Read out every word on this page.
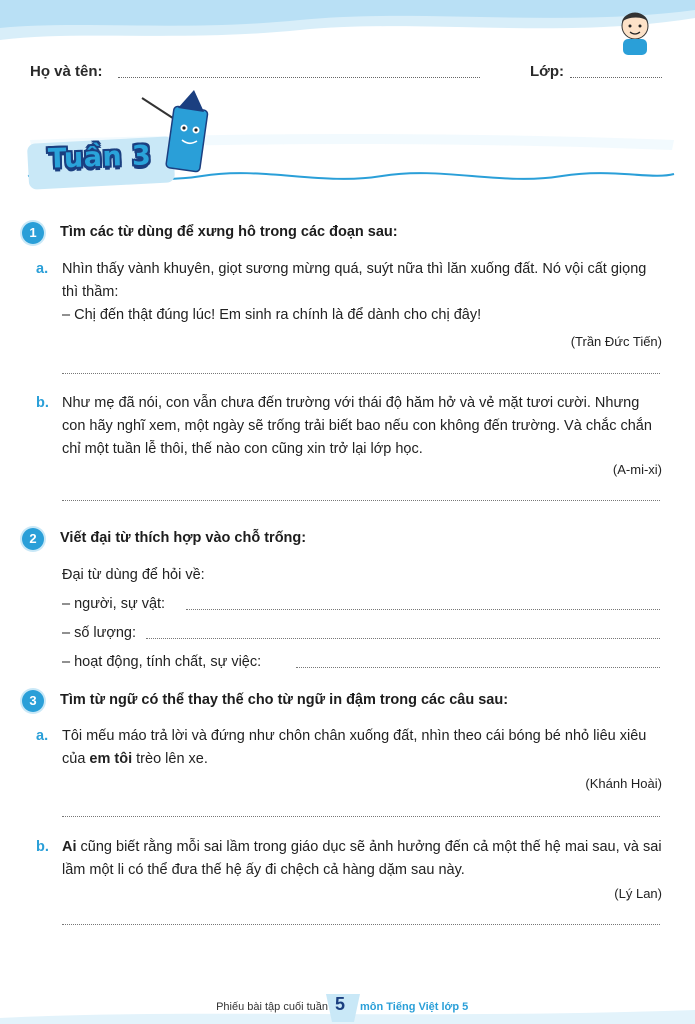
Họ và tên:	Lớp:
Tuần 3
1	Tìm các từ dùng để xưng hô trong các đoạn sau:
a. Nhìn thấy vành khuyên, giọt sương mừng quá, suýt nữa thì lăn xuống đất. Nó vội cất giọng thì thầm:
– Chị đến thật đúng lúc! Em sinh ra chính là để dành cho chị đây!
(Trần Đức Tiến)
b. Như mẹ đã nói, con vẫn chưa đến trường với thái độ hăm hở và vẻ mặt tươi cười. Nhưng con hãy nghĩ xem, một ngày sẽ trống trải biết bao nếu con không đến trường. Và chắc chắn chỉ một tuần lễ thôi, thế nào con cũng xin trở lại lớp học.
(A-mi-xi)
2	Viết đại từ thích hợp vào chỗ trống:
Đại từ dùng để hỏi về:
– người, sự vật:
– số lượng:
– hoạt động, tính chất, sự việc:
3	Tìm từ ngữ có thể thay thế cho từ ngữ in đậm trong các câu sau:
a. Tôi mếu máo trả lời và đứng như chôn chân xuống đất, nhìn theo cái bóng bé nhỏ liêu xiêu của em tôi trèo lên xe.
(Khánh Hoài)
b. Ai cũng biết rằng mỗi sai lầm trong giáo dục sẽ ảnh hưởng đến cả một thế hệ mai sau, và sai lầm một li có thể đưa thế hệ ấy đi chệch cả hàng dặm sau này.
(Lý Lan)
Phiếu bài tập cuối tuần 5 môn Tiếng Việt lớp 5
